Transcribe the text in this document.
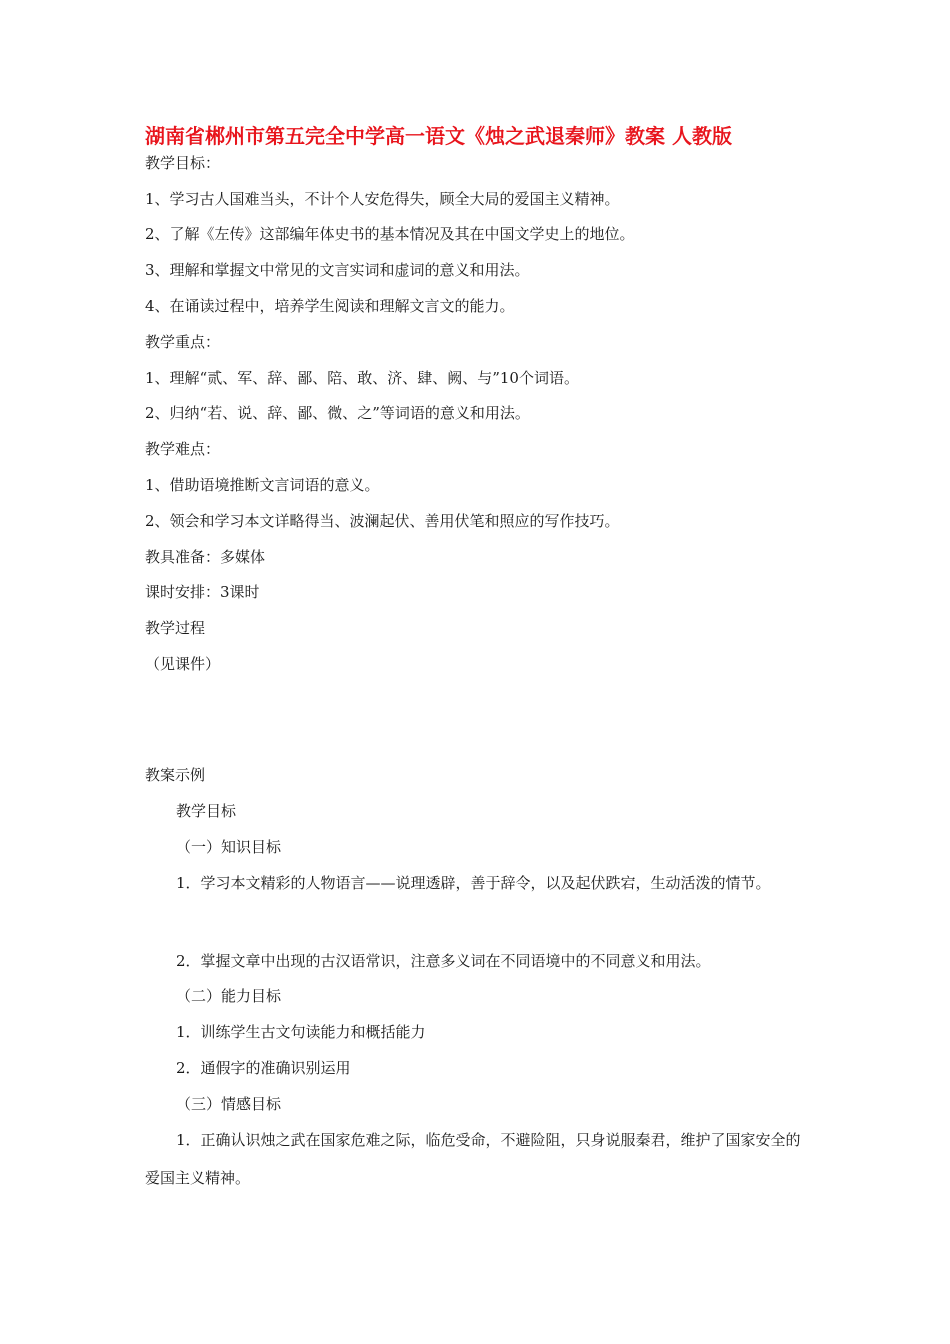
湖南省郴州市第五完全中学高一语文《烛之武退秦师》教案 人教版

教学目标：

1、学习古人国难当头，不计个人安危得失，顾全大局的爱国主义精神。

2、了解《左传》这部编年体史书的基本情况及其在中国文学史上的地位。

3、理解和掌握文中常见的文言实词和虚词的意义和用法。

4、在诵读过程中，培养学生阅读和理解文言文的能力。

教学重点：

1、理解“贰、军、辞、鄙、陪、敢、济、肆、阙、与”10个词语。

2、归纳“若、说、辞、鄙、微、之”等词语的意义和用法。

教学难点：

1、借助语境推断文言词语的意义。

2、领会和学习本文详略得当、波澜起伏、善用伏笔和照应的写作技巧。

教具准备：多媒体

课时安排：3课时

教学过程

（见课件）

教案示例

教学目标

（一）知识目标

1．学习本文精彩的人物语言——说理透辟，善于辞令，以及起伏跌宕，生动活泼的情节。

2．掌握文章中出现的古汉语常识，注意多义词在不同语境中的不同意义和用法。

（二）能力目标

1．训练学生古文句读能力和概括能力

2．通假字的准确识别运用

（三）情感目标

1．正确认识烛之武在国家危难之际，临危受命，不避险阻，只身说服秦君，维护了国家安全的爱国主义精神。
